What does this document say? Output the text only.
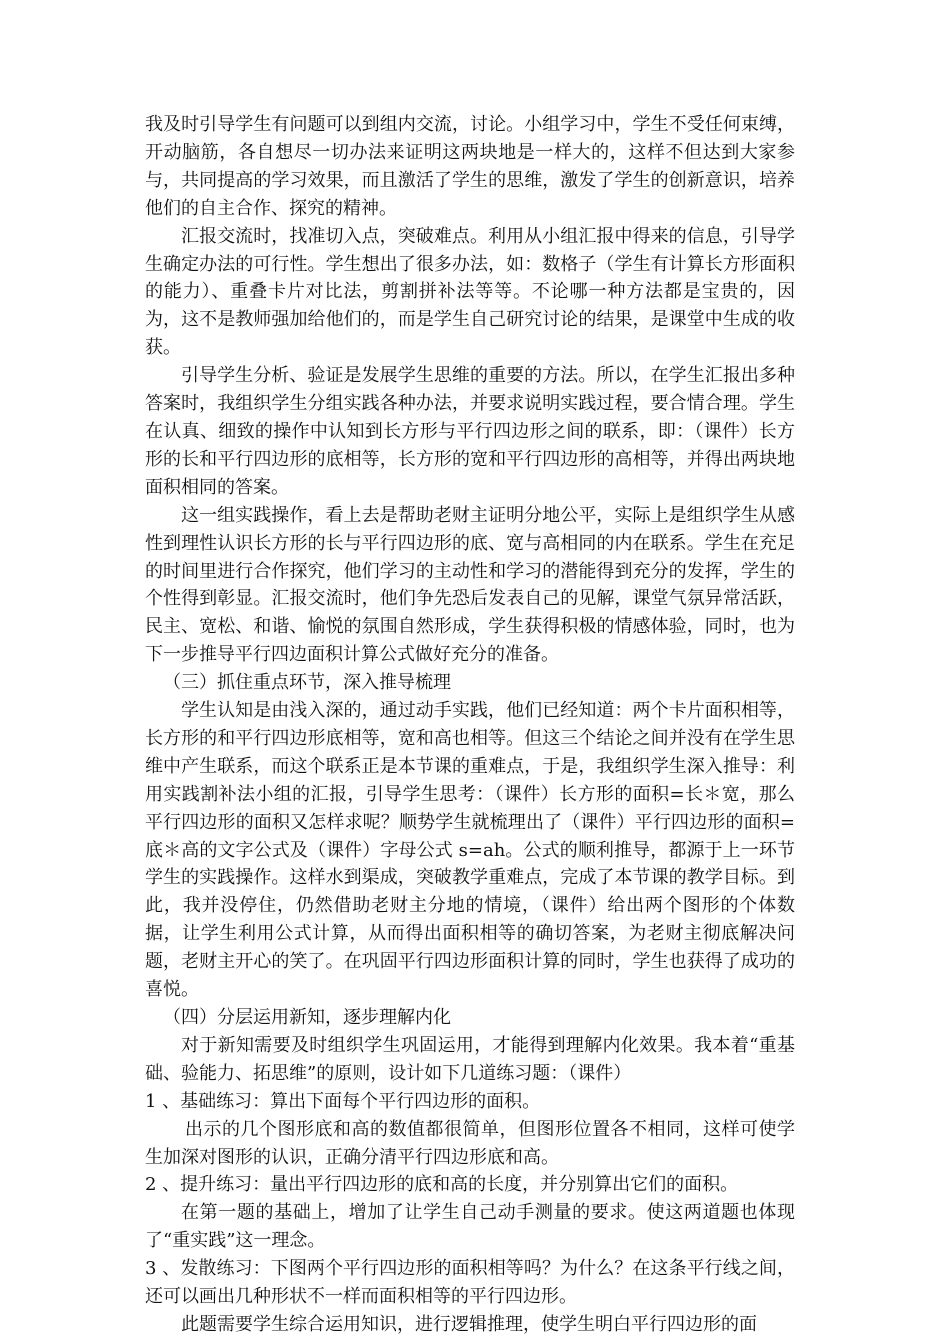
我及时引导学生有问题可以到组内交流，讨论。小组学习中，学生不受任何束缚，开动脑筋，各自想尽一切办法来证明这两块地是一样大的，这样不但达到大家参与，共同提高的学习效果，而且激活了学生的思维，激发了学生的创新意识，培养他们的自主合作、探究的精神。

汇报交流时，找准切入点，突破难点。利用从小组汇报中得来的信息，引导学生确定办法的可行性。学生想出了很多办法，如：数格子（学生有计算长方形面积的能力）、重叠卡片对比法，剪割拼补法等等。不论哪一种方法都是宝贵的，因为，这不是教师强加给他们的，而是学生自己研究讨论的结果，是课堂中生成的收获。

引导学生分析、验证是发展学生思维的重要的方法。所以，在学生汇报出多种答案时，我组织学生分组实践各种办法，并要求说明实践过程，要合情合理。学生在认真、细致的操作中认知到长方形与平行四边形之间的联系，即：（课件）长方形的长和平行四边形的底相等，长方形的宽和平行四边形的高相等，并得出两块地面积相同的答案。

这一组实践操作，看上去是帮助老财主证明分地公平，实际上是组织学生从感性到理性认识长方形的长与平行四边形的底、宽与高相同的内在联系。学生在充足的时间里进行合作探究，他们学习的主动性和学习的潜能得到充分的发挥，学生的个性得到彰显。汇报交流时，他们争先恐后发表自己的见解，课堂气氛异常活跃，民主、宽松、和谐、愉悦的氛围自然形成，学生获得积极的情感体验，同时，也为下一步推导平行四边面积计算公式做好充分的准备。

（三）抓住重点环节，深入推导梳理

学生认知是由浅入深的，通过动手实践，他们已经知道：两个卡片面积相等，长方形的和平行四边形底相等，宽和高也相等。但这三个结论之间并没有在学生思维中产生联系，而这个联系正是本节课的重难点，于是，我组织学生深入推导：利用实践割补法小组的汇报，引导学生思考：（课件）长方形的面积=长＊宽，那么平行四边形的面积又怎样求呢？顺势学生就梳理出了（课件）平行四边形的面积=底＊高的文字公式及（课件）字母公式 s=ah。公式的顺利推导，都源于上一环节学生的实践操作。这样水到渠成，突破教学重难点，完成了本节课的教学目标。到此，我并没停住，仍然借助老财主分地的情境，（课件）给出两个图形的个体数据，让学生利用公式计算，从而得出面积相等的确切答案，为老财主彻底解决问题，老财主开心的笑了。在巩固平行四边形面积计算的同时，学生也获得了成功的喜悦。

（四）分层运用新知，逐步理解内化

对于新知需要及时组织学生巩固运用，才能得到理解内化效果。我本着“重基础、验能力、拓思维”的原则，设计如下几道练习题：（课件）

1 、基础练习：算出下面每个平行四边形的面积。

出示的几个图形底和高的数值都很简单，但图形位置各不相同，这样可使学生加深对图形的认识，正确分清平行四边形底和高。

2 、提升练习：量出平行四边形的底和高的长度，并分别算出它们的面积。

在第一题的基础上，增加了让学生自己动手测量的要求。使这两道题也体现了“重实践”这一理念。

3 、发散练习：下图两个平行四边形的面积相等吗？为什么？在这条平行线之间，还可以画出几种形状不一样而面积相等的平行四边形。

此题需要学生综合运用知识，进行逻辑推理，使学生明白平行四边形的面
